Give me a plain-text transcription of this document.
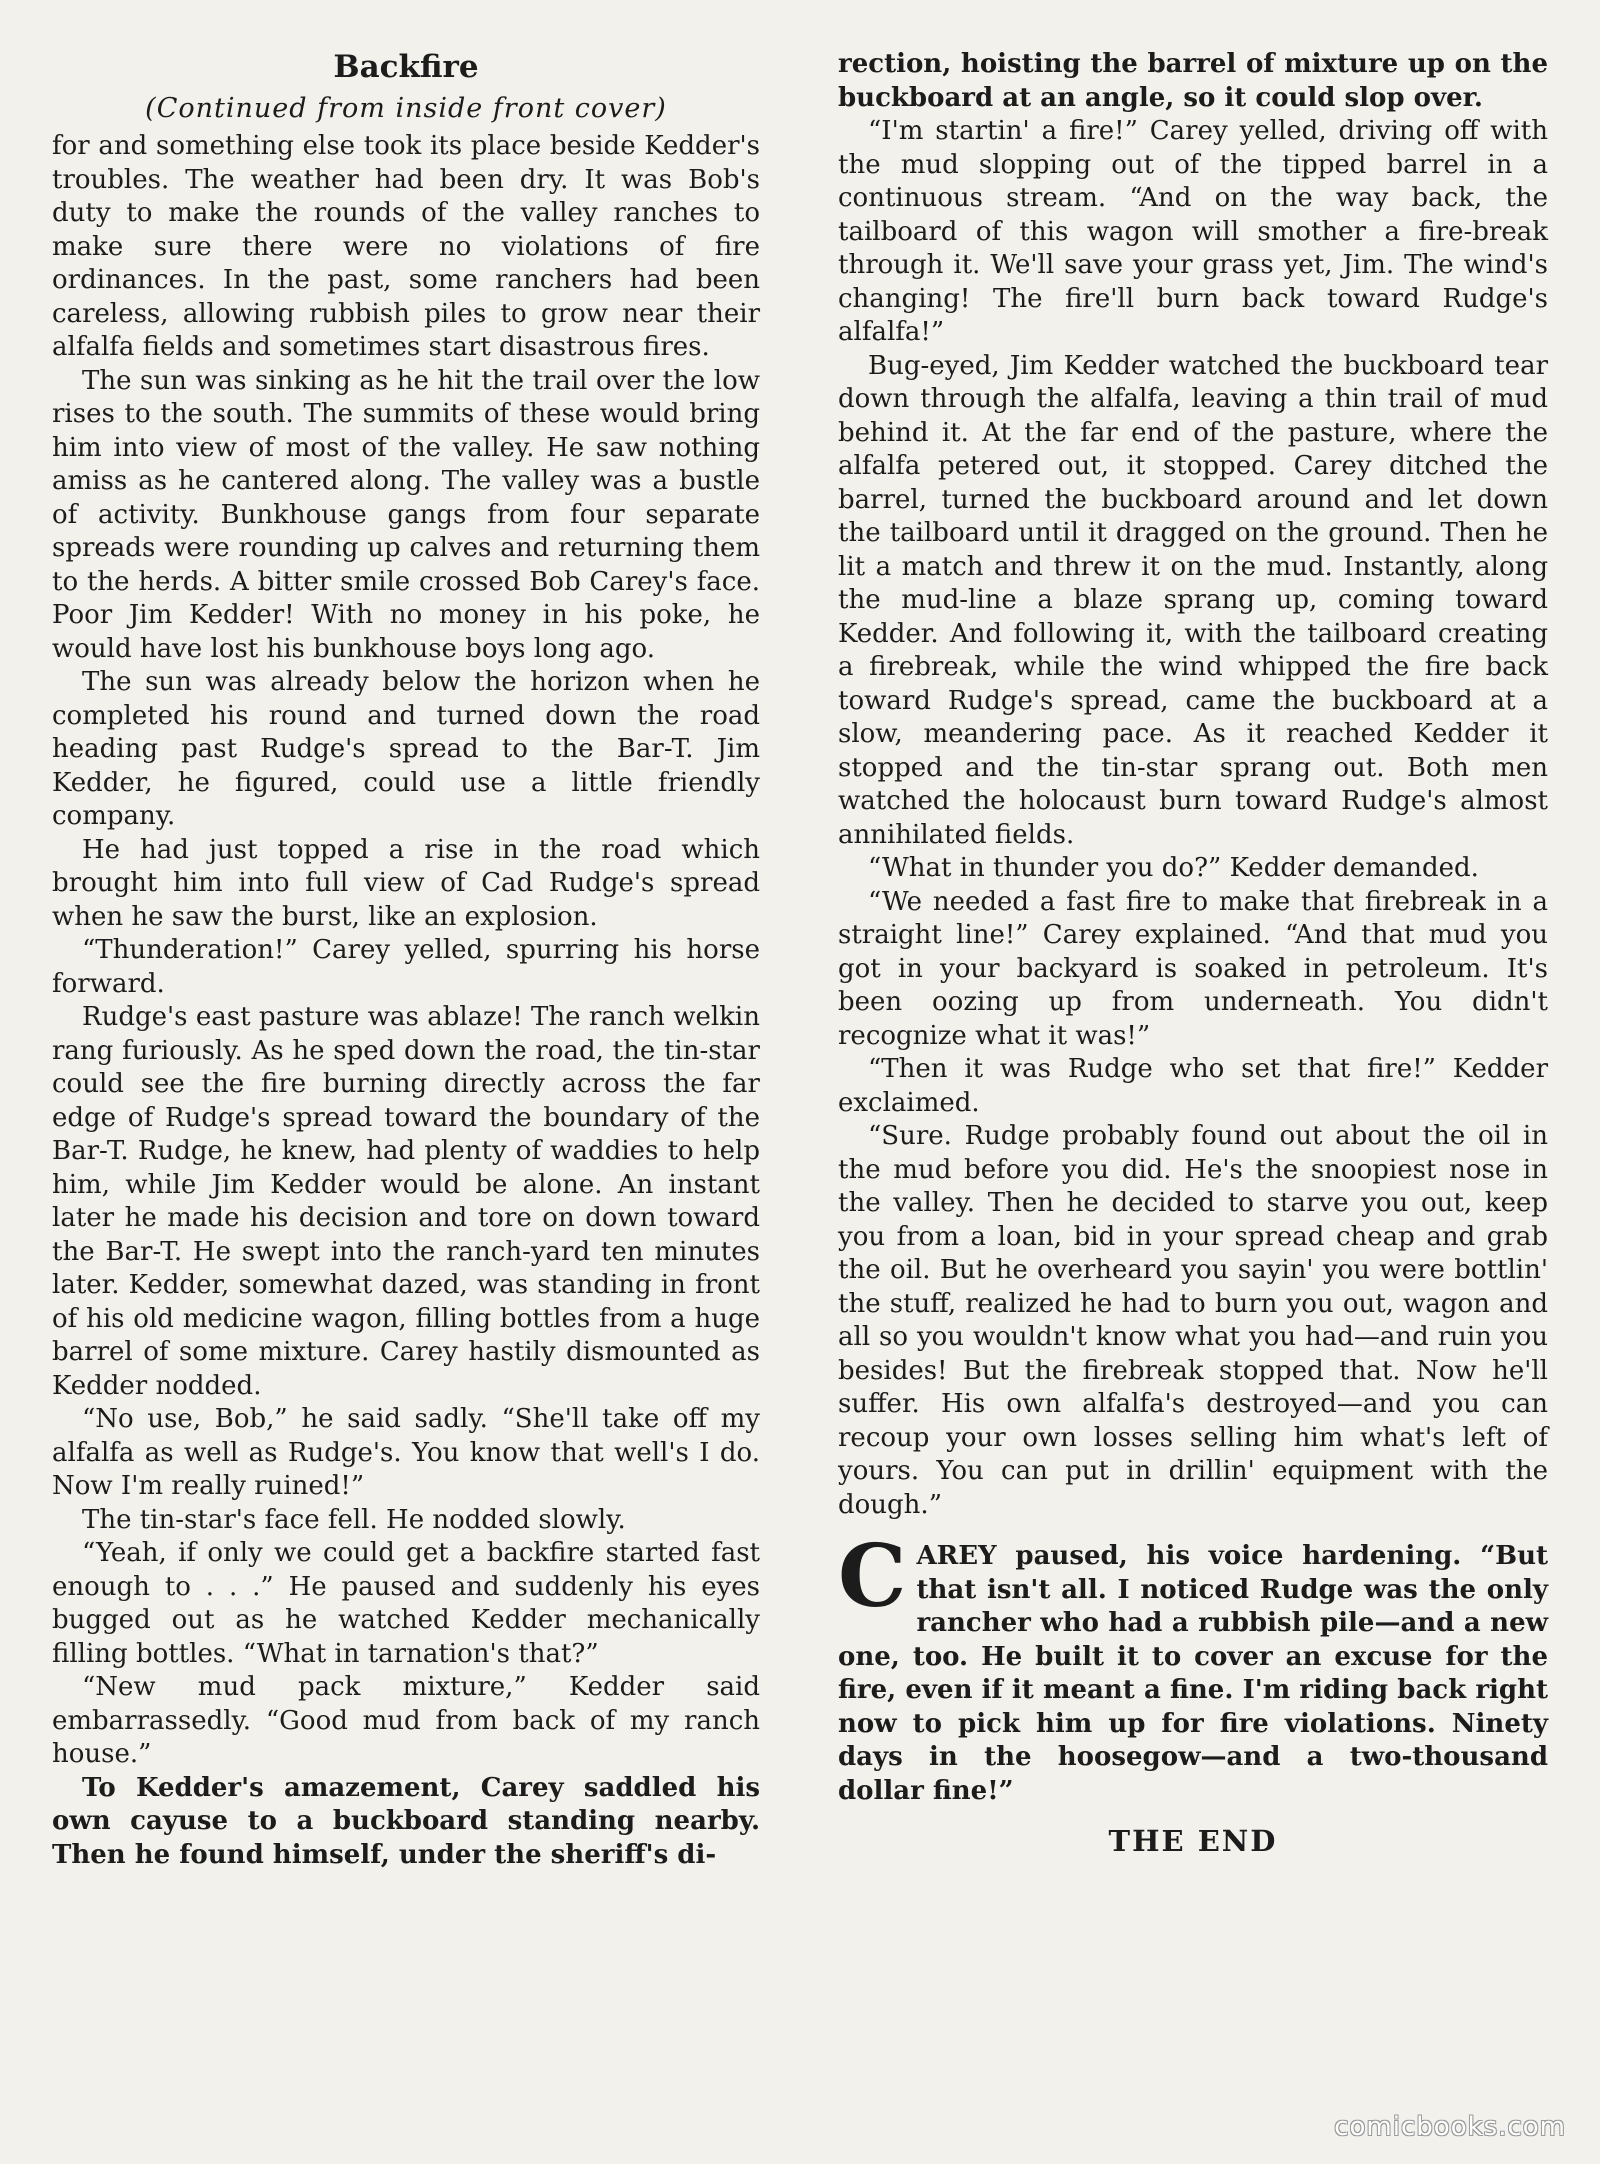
Backfire
(Continued from inside front cover)

for and something else took its place beside Kedder's troubles. The weather had been dry. It was Bob's duty to make the rounds of the valley ranches to make sure there were no violations of fire ordinances. In the past, some ranchers had been careless, allowing rubbish piles to grow near their alfalfa fields and sometimes start disastrous fires.

The sun was sinking as he hit the trail over the low rises to the south. The summits of these would bring him into view of most of the valley. He saw nothing amiss as he cantered along. The valley was a bustle of activity. Bunkhouse gangs from four separate spreads were rounding up calves and returning them to the herds. A bitter smile crossed Bob Carey's face. Poor Jim Kedder! With no money in his poke, he would have lost his bunkhouse boys long ago.

The sun was already below the horizon when he completed his round and turned down the road heading past Rudge's spread to the Bar-T. Jim Kedder, he figured, could use a little friendly company.

He had just topped a rise in the road which brought him into full view of Cad Rudge's spread when he saw the burst, like an explosion.

“Thunderation!” Carey yelled, spurring his horse forward.

Rudge's east pasture was ablaze! The ranch welkin rang furiously. As he sped down the road, the tin-star could see the fire burning directly across the far edge of Rudge's spread toward the boundary of the Bar-T. Rudge, he knew, had plenty of waddies to help him, while Jim Kedder would be alone. An instant later he made his decision and tore on down toward the Bar-T. He swept into the ranch-yard ten minutes later. Kedder, somewhat dazed, was standing in front of his old medicine wagon, filling bottles from a huge barrel of some mixture. Carey hastily dismounted as Kedder nodded.

“No use, Bob,” he said sadly. “She'll take off my alfalfa as well as Rudge's. You know that well's I do. Now I'm really ruined!”

The tin-star's face fell. He nodded slowly.

“Yeah, if only we could get a backfire started fast enough to . . .” He paused and suddenly his eyes bugged out as he watched Kedder mechanically filling bottles. “What in tarnation's that?”

“New mud pack mixture,” Kedder said embarrassedly. “Good mud from back of my ranch house.”

To Kedder's amazement, Carey saddled his own cayuse to a buckboard standing nearby. Then he found himself, under the sheriff's di-

rection, hoisting the barrel of mixture up on the buckboard at an angle, so it could slop over.

“I'm startin' a fire!” Carey yelled, driving off with the mud slopping out of the tipped barrel in a continuous stream. “And on the way back, the tailboard of this wagon will smother a fire-break through it. We'll save your grass yet, Jim. The wind's changing! The fire'll burn back toward Rudge's alfalfa!”

Bug-eyed, Jim Kedder watched the buckboard tear down through the alfalfa, leaving a thin trail of mud behind it. At the far end of the pasture, where the alfalfa petered out, it stopped. Carey ditched the barrel, turned the buckboard around and let down the tailboard until it dragged on the ground. Then he lit a match and threw it on the mud. Instantly, along the mud-line a blaze sprang up, coming toward Kedder. And following it, with the tailboard creating a firebreak, while the wind whipped the fire back toward Rudge's spread, came the buckboard at a slow, meandering pace. As it reached Kedder it stopped and the tin-star sprang out. Both men watched the holocaust burn toward Rudge's almost annihilated fields.

“What in thunder you do?” Kedder demanded.

“We needed a fast fire to make that firebreak in a straight line!” Carey explained. “And that mud you got in your backyard is soaked in petroleum. It's been oozing up from underneath. You didn't recognize what it was!”

“Then it was Rudge who set that fire!” Kedder exclaimed.

“Sure. Rudge probably found out about the oil in the mud before you did. He's the snoopiest nose in the valley. Then he decided to starve you out, keep you from a loan, bid in your spread cheap and grab the oil. But he overheard you sayin' you were bottlin' the stuff, realized he had to burn you out, wagon and all so you wouldn't know what you had—and ruin you besides! But the firebreak stopped that. Now he'll suffer. His own alfalfa's destroyed—and you can recoup your own losses selling him what's left of yours. You can put in drillin' equipment with the dough.”

CAREY paused, his voice hardening. “But that isn't all. I noticed Rudge was the only rancher who had a rubbish pile—and a new one, too. He built it to cover an excuse for the fire, even if it meant a fine. I'm riding back right now to pick him up for fire violations. Ninety days in the hoosegow—and a two-thousand dollar fine!”

THE END
comicbooks.com
